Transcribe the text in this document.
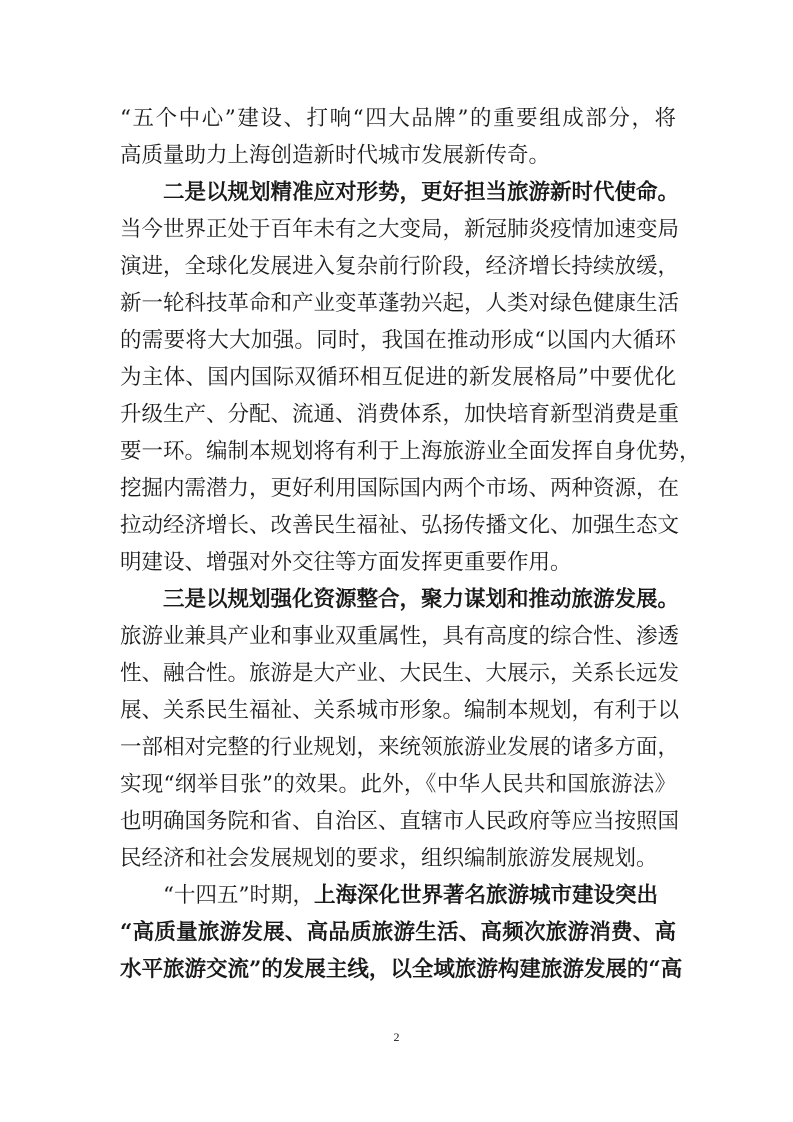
“五个中心”建设、打响“四大品牌”的重要组成部分，将
高质量助力上海创造新时代城市发展新传奇。
二是以规划精准应对形势，更好担当旅游新时代使命。
当今世界正处于百年未有之大变局，新冠肺炎疫情加速变局
演进，全球化发展进入复杂前行阶段，经济增长持续放缓，
新一轮科技革命和产业变革蓬勃兴起，人类对绿色健康生活
的需要将大大加强。同时，我国在推动形成“以国内大循环
为主体、国内国际双循环相互促进的新发展格局”中要优化
升级生产、分配、流通、消费体系，加快培育新型消费是重
要一环。编制本规划将有利于上海旅游业全面发挥自身优势，
挖掘内需潜力，更好利用国际国内两个市场、两种资源，在
拉动经济增长、改善民生福祉、弘扬传播文化、加强生态文
明建设、增强对外交往等方面发挥更重要作用。
三是以规划强化资源整合，聚力谋划和推动旅游发展。
旅游业兼具产业和事业双重属性，具有高度的综合性、渗透
性、融合性。旅游是大产业、大民生、大展示，关系长远发
展、关系民生福祉、关系城市形象。编制本规划，有利于以
一部相对完整的行业规划，来统领旅游业发展的诸多方面，
实现“纲举目张”的效果。此外，《中华人民共和国旅游法》
也明确国务院和省、自治区、直辖市人民政府等应当按照国
民经济和社会发展规划的要求，组织编制旅游发展规划。
“十四五”时期，上海深化世界著名旅游城市建设突出
“高质量旅游发展、高品质旅游生活、高频次旅游消费、高
水平旅游交流”的发展主线，以全域旅游构建旅游发展的“高
2
